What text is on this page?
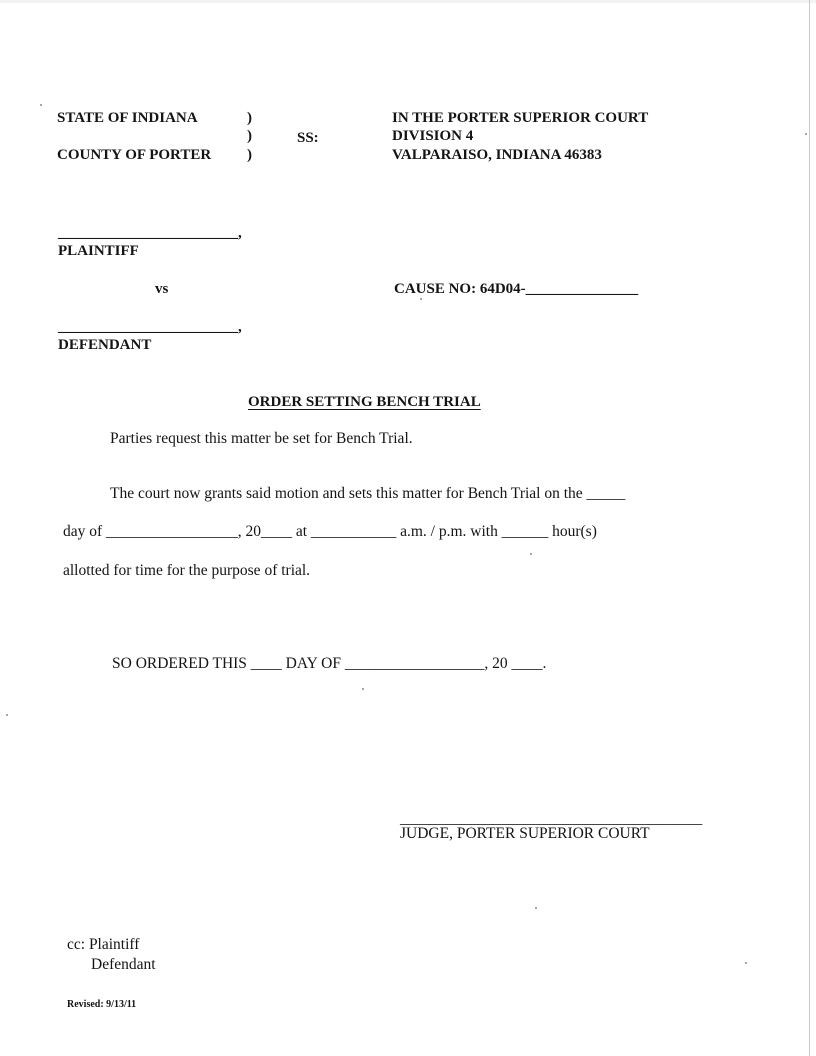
STATE OF INDIANA
COUNTY OF PORTER
)
)
)
SS:
IN THE PORTER SUPERIOR COURT
DIVISION 4
VALPARAISO, INDIANA 46383
________________________,
PLAINTIFF
vs	CAUSE NO: 64D04-_______________
________________________,
DEFENDANT
ORDER SETTING BENCH TRIAL
Parties request this matter be set for Bench Trial.
The court now grants said motion and sets this matter for Bench Trial on the _____
day of _________________, 20____ at ___________ a.m. / p.m. with ______ hour(s)
allotted for time for the purpose of trial.
SO ORDERED THIS ____ DAY OF __________________, 20 ____.
_______________________________________
JUDGE, PORTER SUPERIOR COURT
cc: Plaintiff
Defendant
Revised: 9/13/11
